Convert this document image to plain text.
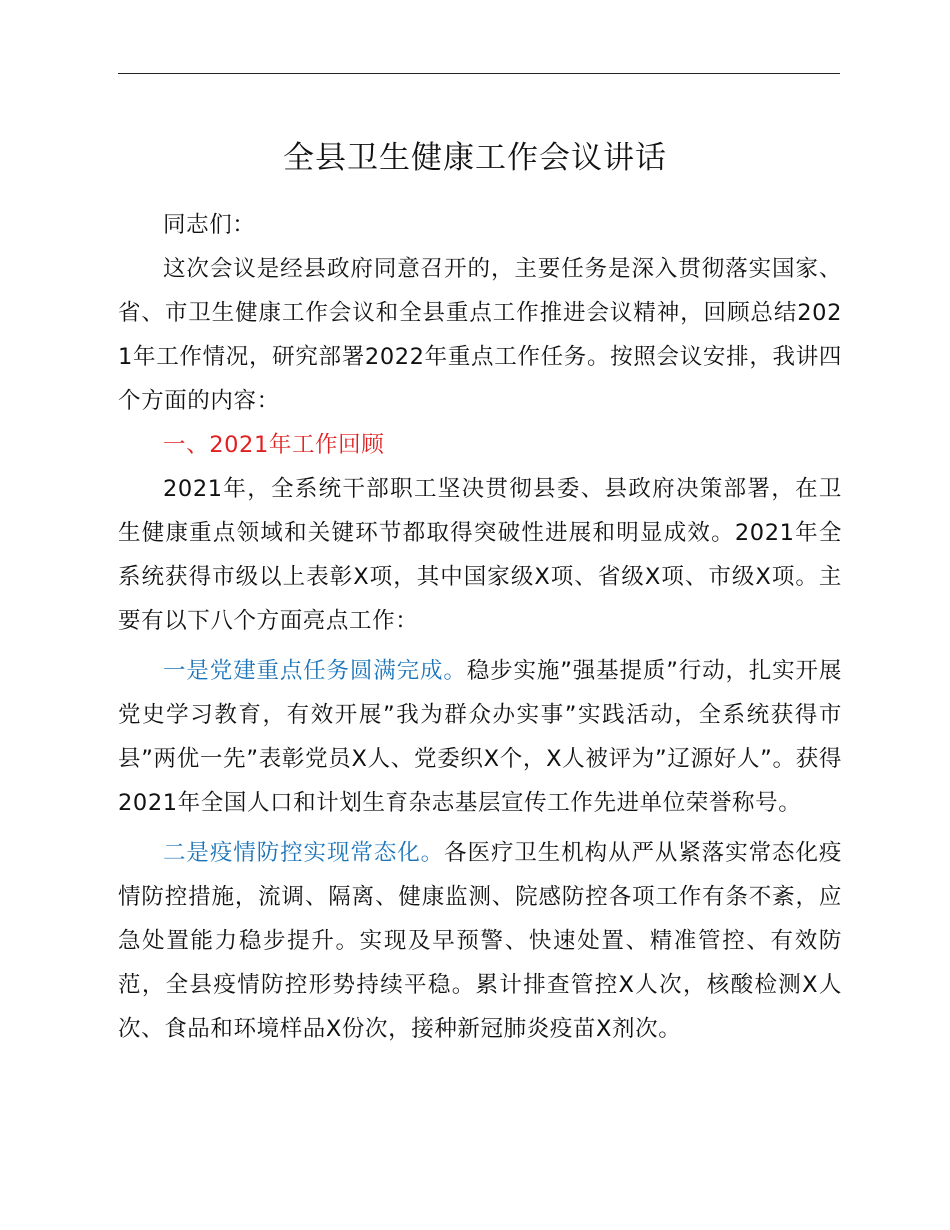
全县卫生健康工作会议讲话

同志们：

这次会议是经县政府同意召开的，主要任务是深入贯彻落实国家、省、市卫生健康工作会议和全县重点工作推进会议精神，回顾总结2021年工作情况，研究部署2022年重点工作任务。按照会议安排，我讲四个方面的内容：

一、2021年工作回顾

2021年，全系统干部职工坚决贯彻县委、县政府决策部署，在卫生健康重点领域和关键环节都取得突破性进展和明显成效。2021年全系统获得市级以上表彰X项，其中国家级X项、省级X项、市级X项。主要有以下八个方面亮点工作：

一是党建重点任务圆满完成。稳步实施”强基提质”行动，扎实开展党史学习教育，有效开展”我为群众办实事”实践活动，全系统获得市县”两优一先”表彰党员X人、党委织X个，X人被评为”辽源好人”。获得2021年全国人口和计划生育杂志基层宣传工作先进单位荣誉称号。

二是疫情防控实现常态化。各医疗卫生机构从严从紧落实常态化疫情防控措施，流调、隔离、健康监测、院感防控各项工作有条不紊，应急处置能力稳步提升。实现及早预警、快速处置、精准管控、有效防范，全县疫情防控形势持续平稳。累计排查管控X人次，核酸检测X人次、食品和环境样品X份次，接种新冠肺炎疫苗X剂次。
